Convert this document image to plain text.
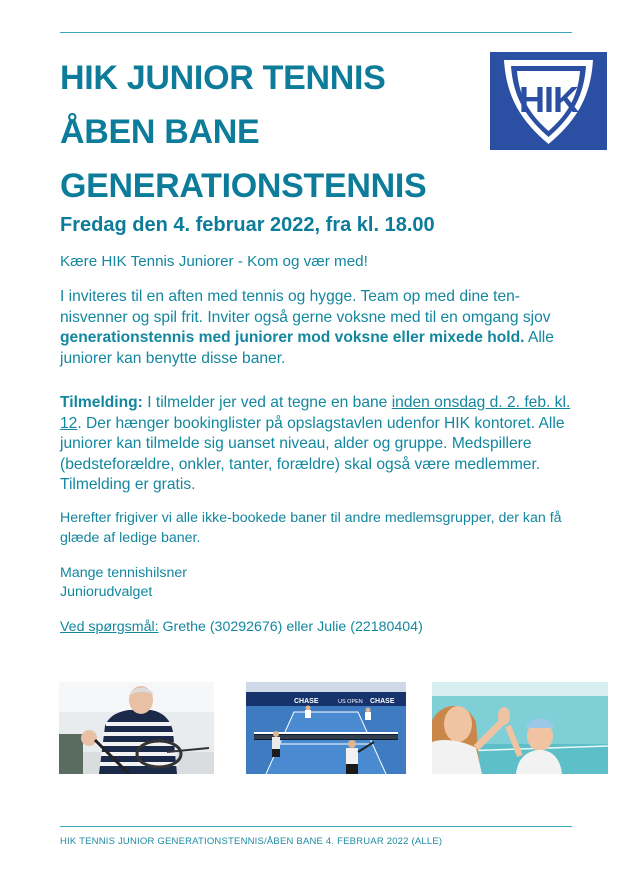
HIK JUNIOR TENNIS
ÅBEN BANE
GENERATIONSTENNIS
HIK
Fredag den 4. februar 2022, fra kl. 18.00
Kære HIK Tennis Juniorer - Kom og vær med!
I inviteres til en aften med tennis og hygge. Team op med dine ten-nisvenner og spil frit. Inviter også gerne voksne med til en omgang sjov generationstennis med juniorer mod voksne eller mixede hold. Alle juniorer kan benytte disse baner.
Tilmelding: I tilmelder jer ved at tegne en bane inden onsdag d. 2. feb. kl. 12. Der hænger bookinglister på opslagstavlen udenfor HIK kontoret. Alle juniorer kan tilmelde sig uanset niveau, alder og gruppe. Medspillere (bedsteforældre, onkler, tanter, forældre) skal også være medlemmer. Tilmelding er gratis.
Herefter frigiver vi alle ikke-bookede baner til andre medlemsgrupper, der kan få glæde af ledige baner.
Mange tennishilsner
Juniorudvalget
Ved spørgsmål: Grethe (30292676) eller Julie (22180404)
CHASE	US OPEN CHASE
HIK TENNIS JUNIOR GENERATIONSTENNIS/ÅBEN BANE 4. FEBRUAR 2022 (ALLE)
